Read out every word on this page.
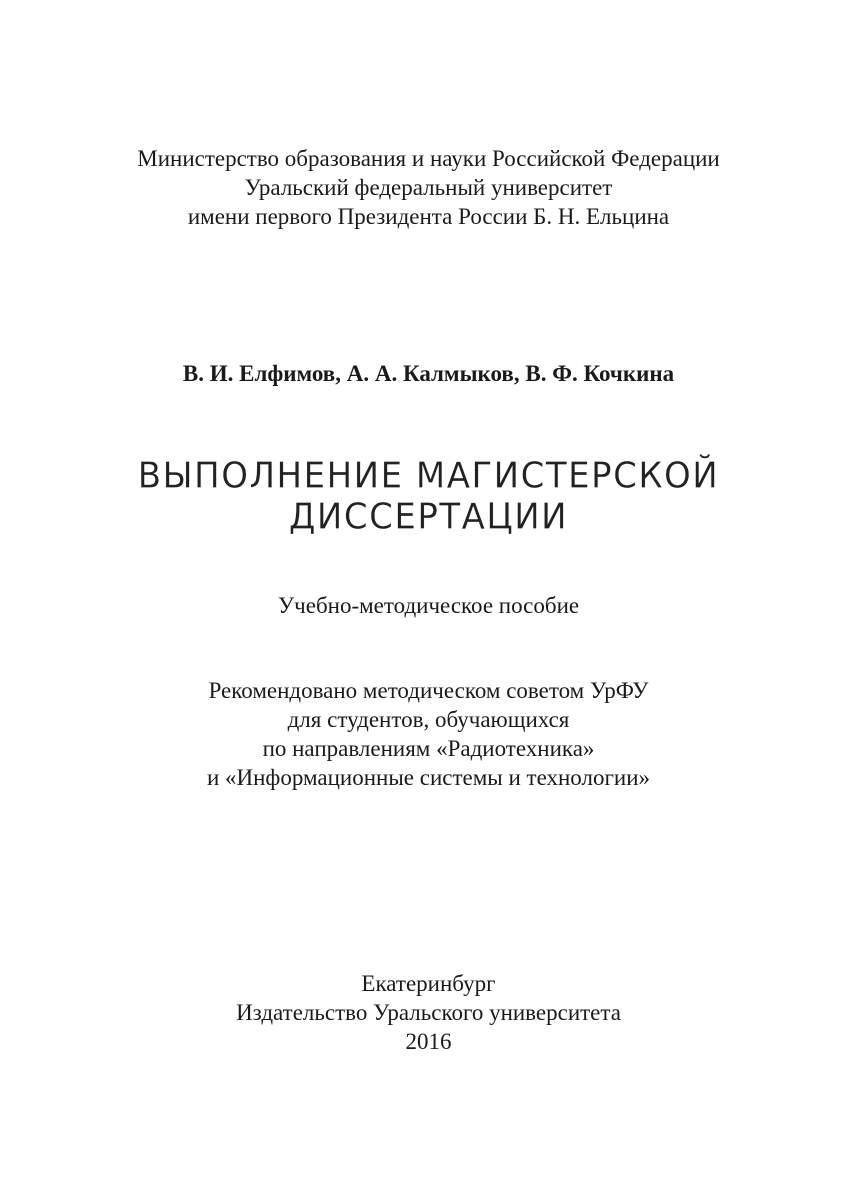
Министерство образования и науки Российской Федерации
Уральский федеральный университет
имени первого Президента России Б. Н. Ельцина
В. И. Елфимов, А. А. Калмыков, В. Ф. Кочкина
ВЫПОЛНЕНИЕ МАГИСТЕРСКОЙ
ДИССЕРТАЦИИ
Учебно-методическое пособие
Рекомендовано методическом советом УрФУ
для студентов, обучающихся
по направлениям «Радиотехника»
и «Информационные системы и технологии»
Екатеринбург
Издательство Уральского университета
2016
